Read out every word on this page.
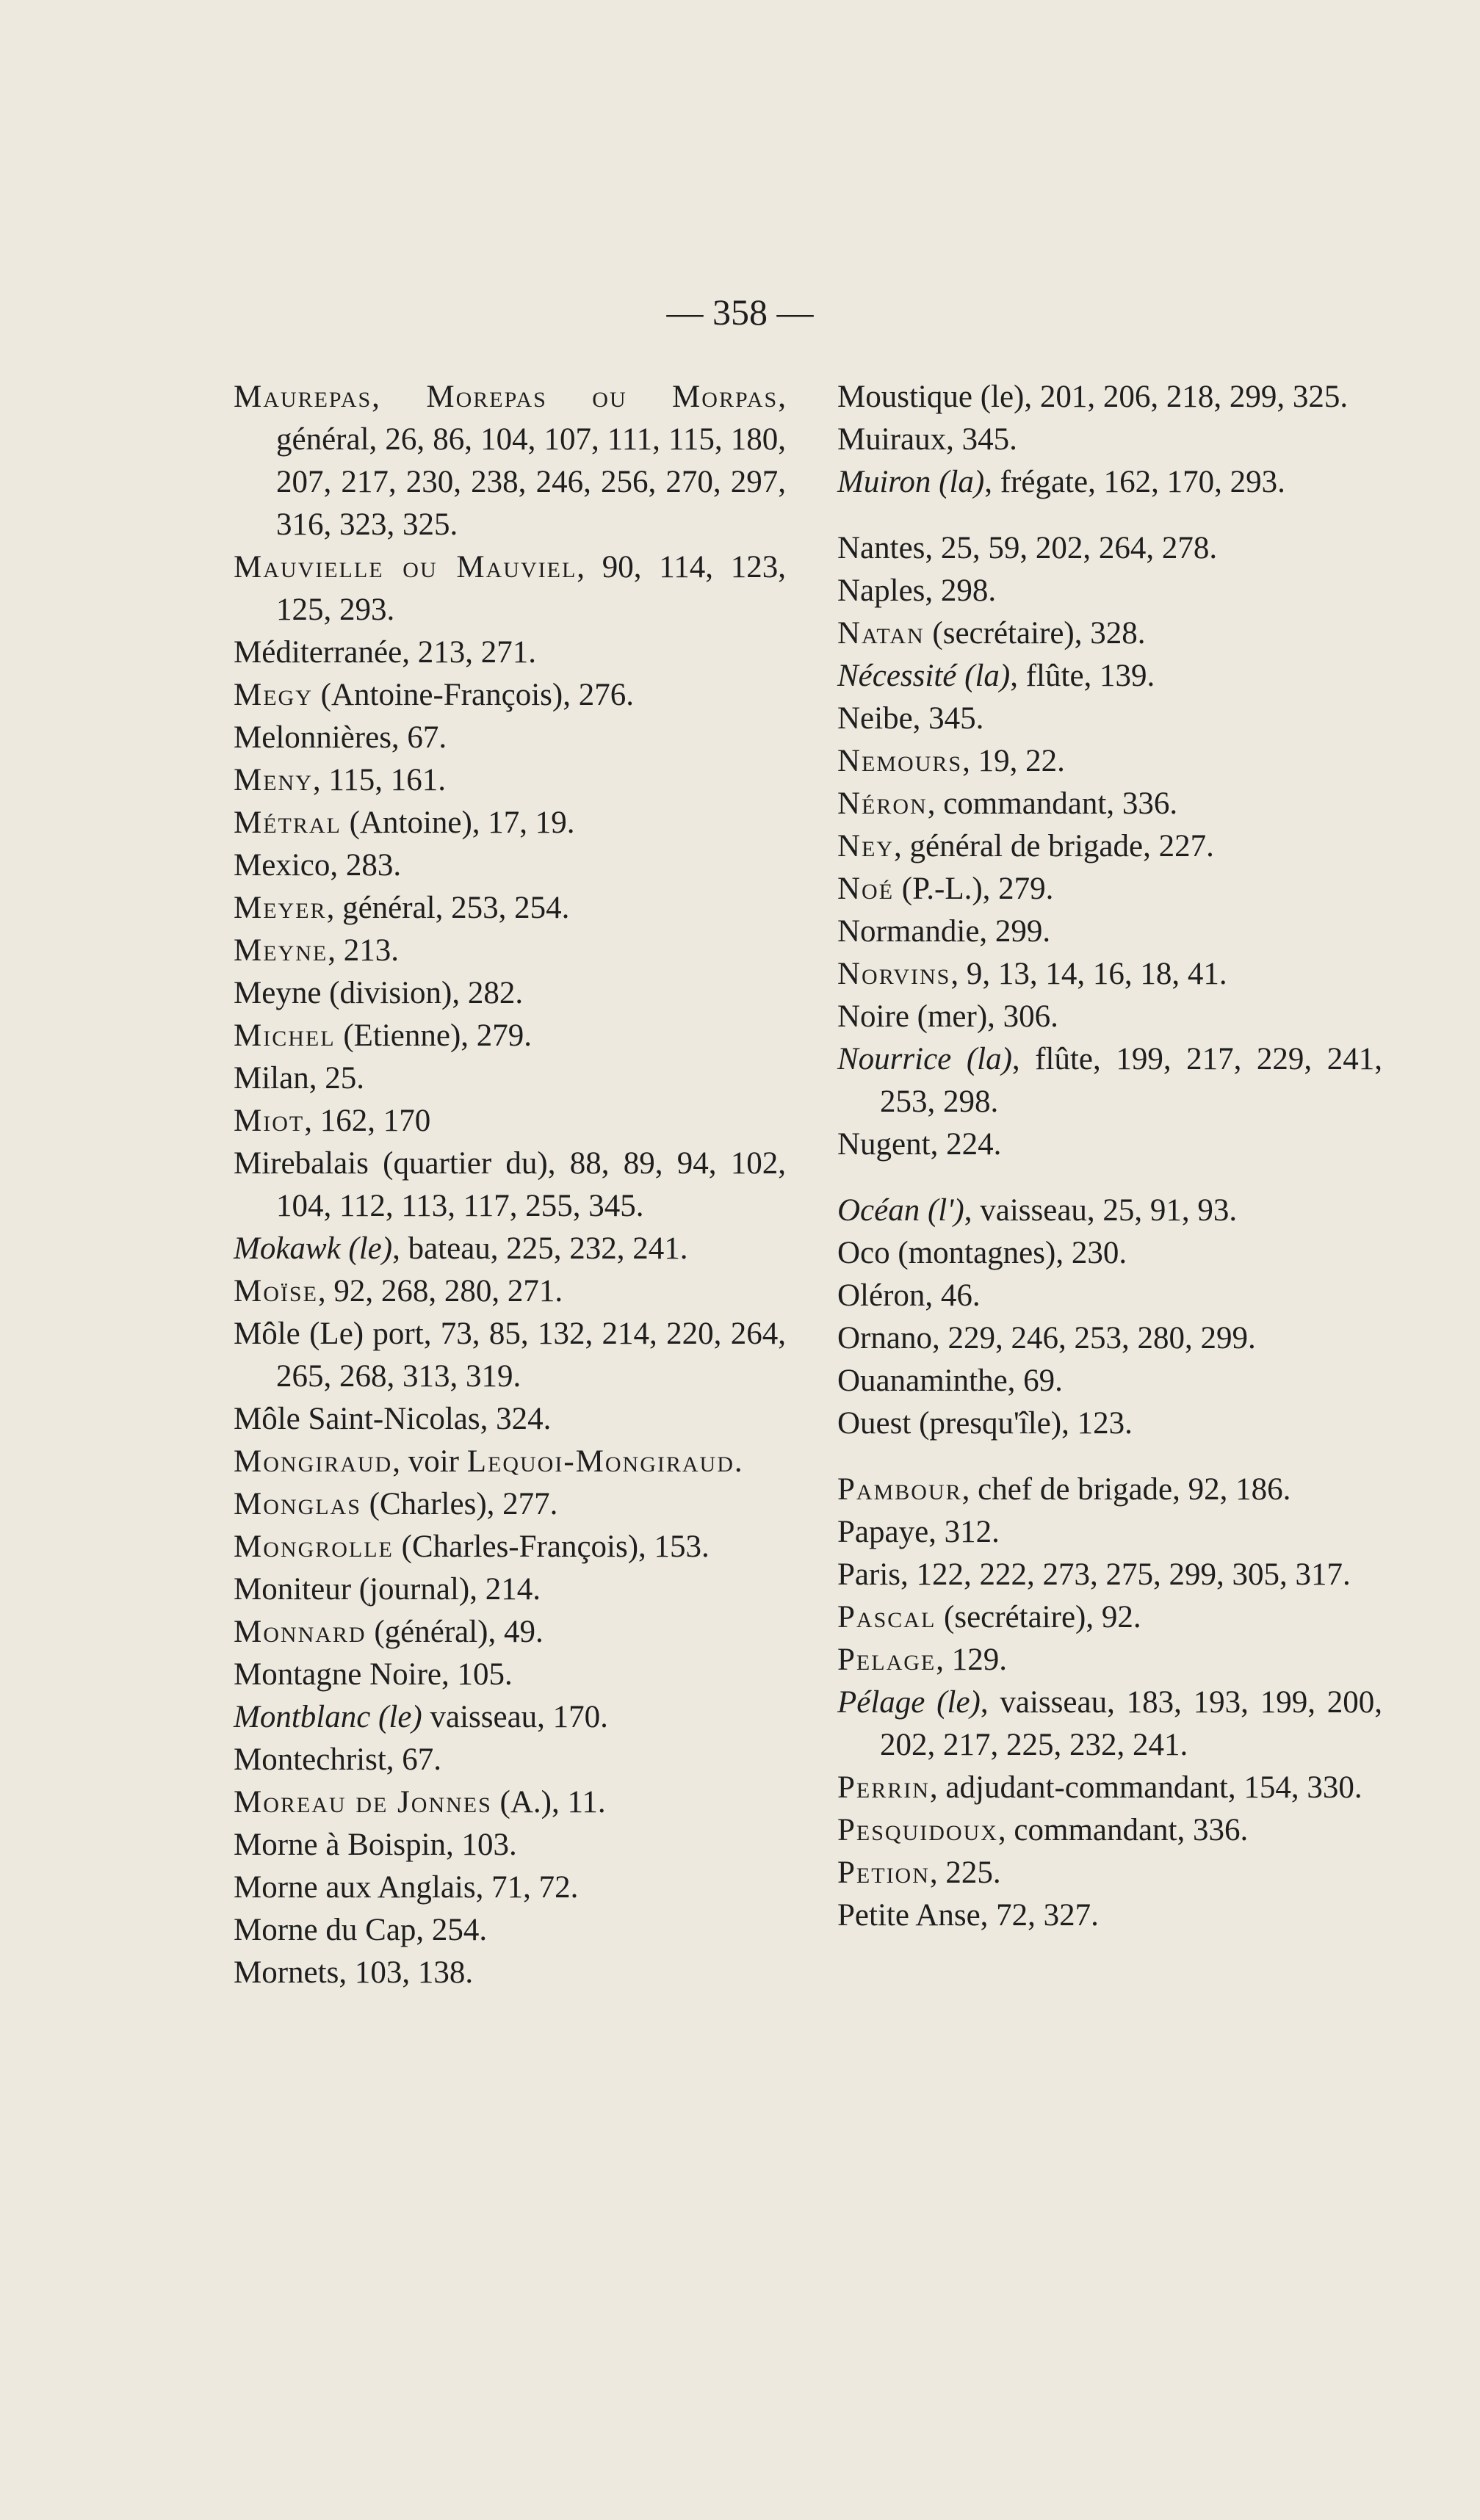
— 358 —

Maurepas, Morepas ou Morpas, général, 26, 86, 104, 107, 111, 115, 180, 207, 217, 230, 238, 246, 256, 270, 297, 316, 323, 325.

Mauvielle ou Mauviel, 90, 114, 123, 125, 293.

Méditerranée, 213, 271.

Megy (Antoine-François), 276.

Melonnières, 67.

Meny, 115, 161.

Métral (Antoine), 17, 19.

Mexico, 283.

Meyer, général, 253, 254.

Meyne, 213.

Meyne (division), 282.

Michel (Etienne), 279.

Milan, 25.

Miot, 162, 170

Mirebalais (quartier du), 88, 89, 94, 102, 104, 112, 113, 117, 255, 345.

Mokawk (le), bateau, 225, 232, 241.

Moïse, 92, 268, 280, 271.

Môle (Le) port, 73, 85, 132, 214, 220, 264, 265, 268, 313, 319.

Môle Saint-Nicolas, 324.

Mongiraud, voir Lequoi-Mongiraud.

Monglas (Charles), 277.

Mongrolle (Charles-François), 153.

Moniteur (journal), 214.

Monnard (général), 49.

Montagne Noire, 105.

Montblanc (le) vaisseau, 170.

Montechrist, 67.

Moreau de Jonnes (A.), 11.

Morne à Boispin, 103.

Morne aux Anglais, 71, 72.

Morne du Cap, 254.

Mornets, 103, 138.

Moustique (le), 201, 206, 218, 299, 325.

Muiraux, 345.

Muiron (la), frégate, 162, 170, 293.

Nantes, 25, 59, 202, 264, 278.

Naples, 298.

Natan (secrétaire), 328.

Nécessité (la), flûte, 139.

Neibe, 345.

Nemours, 19, 22.

Néron, commandant, 336.

Ney, général de brigade, 227.

Noé (P.-L.), 279.

Normandie, 299.

Norvins, 9, 13, 14, 16, 18, 41.

Noire (mer), 306.

Nourrice (la), flûte, 199, 217, 229, 241, 253, 298.

Nugent, 224.

Océan (l'), vaisseau, 25, 91, 93.

Oco (montagnes), 230.

Oléron, 46.

Ornano, 229, 246, 253, 280, 299.

Ouanaminthe, 69.

Ouest (presqu'île), 123.

Pambour, chef de brigade, 92, 186.

Papaye, 312.

Paris, 122, 222, 273, 275, 299, 305, 317.

Pascal (secrétaire), 92.

Pelage, 129.

Pélage (le), vaisseau, 183, 193, 199, 200, 202, 217, 225, 232, 241.

Perrin, adjudant-commandant, 154, 330.

Pesquidoux, commandant, 336.

Petion, 225.

Petite Anse, 72, 327.
